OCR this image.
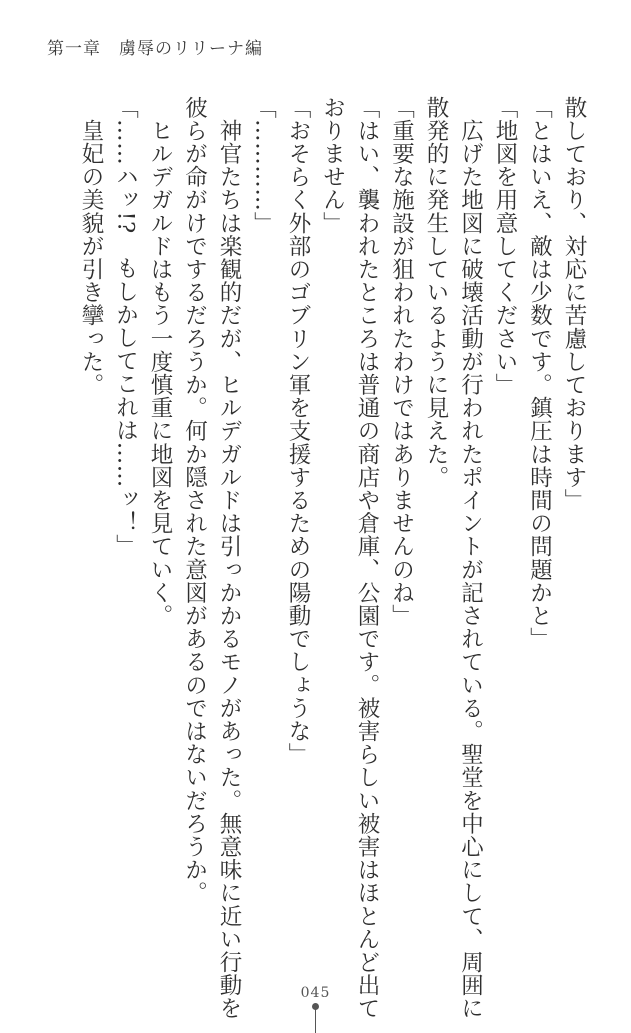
第一章　虜辱のリリーナ編
散しており、対応に苦慮しております」
「とはいえ、敵は少数です。鎮圧は時間の問題かと」
「地図を用意してください」
　広げた地図に破壊活動が行われたポイントが記されている。聖堂を中心にして、周囲に
散発的に発生しているように見えた。
「重要な施設が狙われたわけではありませんのね」
「はい、襲われたところは普通の商店や倉庫、公園です。被害らしい被害はほとんど出て
おりません」
「おそらく外部のゴブリン軍を支援するための陽動でしょうな」
「…………」
　神官たちは楽観的だが、ヒルデガルドは引っかかるモノがあった。無意味に近い行動を
彼らが命がけでするだろうか。何か隠された意図があるのではないだろうか。
　ヒルデガルドはもう一度慎重に地図を見ていく。
「……ハッ!?　もしかしてこれは……ッ！」
　皇妃の美貌が引き攣った。
045
